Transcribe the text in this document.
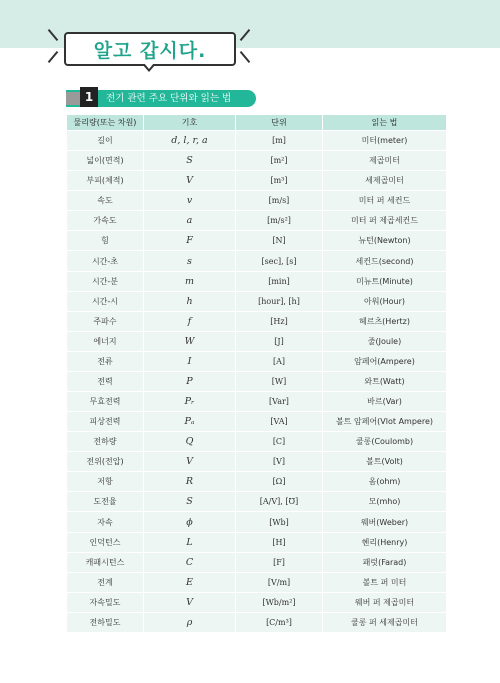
알고 갑시다.
1	전기 관련 주요 단위와 읽는 법
물리량(또는 차원)	기호	단위	읽는 법
길이	d, l, r, a	[m]	미터(meter)
넓이(면적)	S	[m²]	제곱미터
부피(체적)	V	[m³]	세제곱미터
속도	v	[m/s]	미터 퍼 세컨드
가속도	a	[m/s²]	미터 퍼 제곱세컨드
힘	F	[N]	뉴턴(Newton)
시간-초	s	[sec], [s]	세컨드(second)
시간-분	m	[min]	미뉴트(Minute)
시간-시	h	[hour], [h]	아워(Hour)
주파수	f	[Hz]	헤르츠(Hertz)
에너지	W	[J]	줄(Joule)
전류	I	[A]	암페어(Ampere)
전력	P	[W]	와트(Watt)
무효전력	Pᵣ	[Var]	바르(Var)
피상전력	Pₐ	[VA]	볼트 암페어(Vlot Ampere)
전하량	Q	[C]	쿨롱(Coulomb)
전위(전압)	V	[V]	볼트(Volt)
저항	R	[Ω]	옴(ohm)
도전율	S	[A/V], [℧]	모(mho)
자속	ϕ	[Wb]	웨버(Weber)
인덕턴스	L	[H]	헨리(Henry)
캐패시턴스	C	[F]	패럿(Farad)
전계	E	[V/m]	볼트 퍼 미터
자속밀도	V	[Wb/m²]	웨버 퍼 제곱미터
전하밀도	ρ	[C/m³]	쿨롱 퍼 세제곱미터
